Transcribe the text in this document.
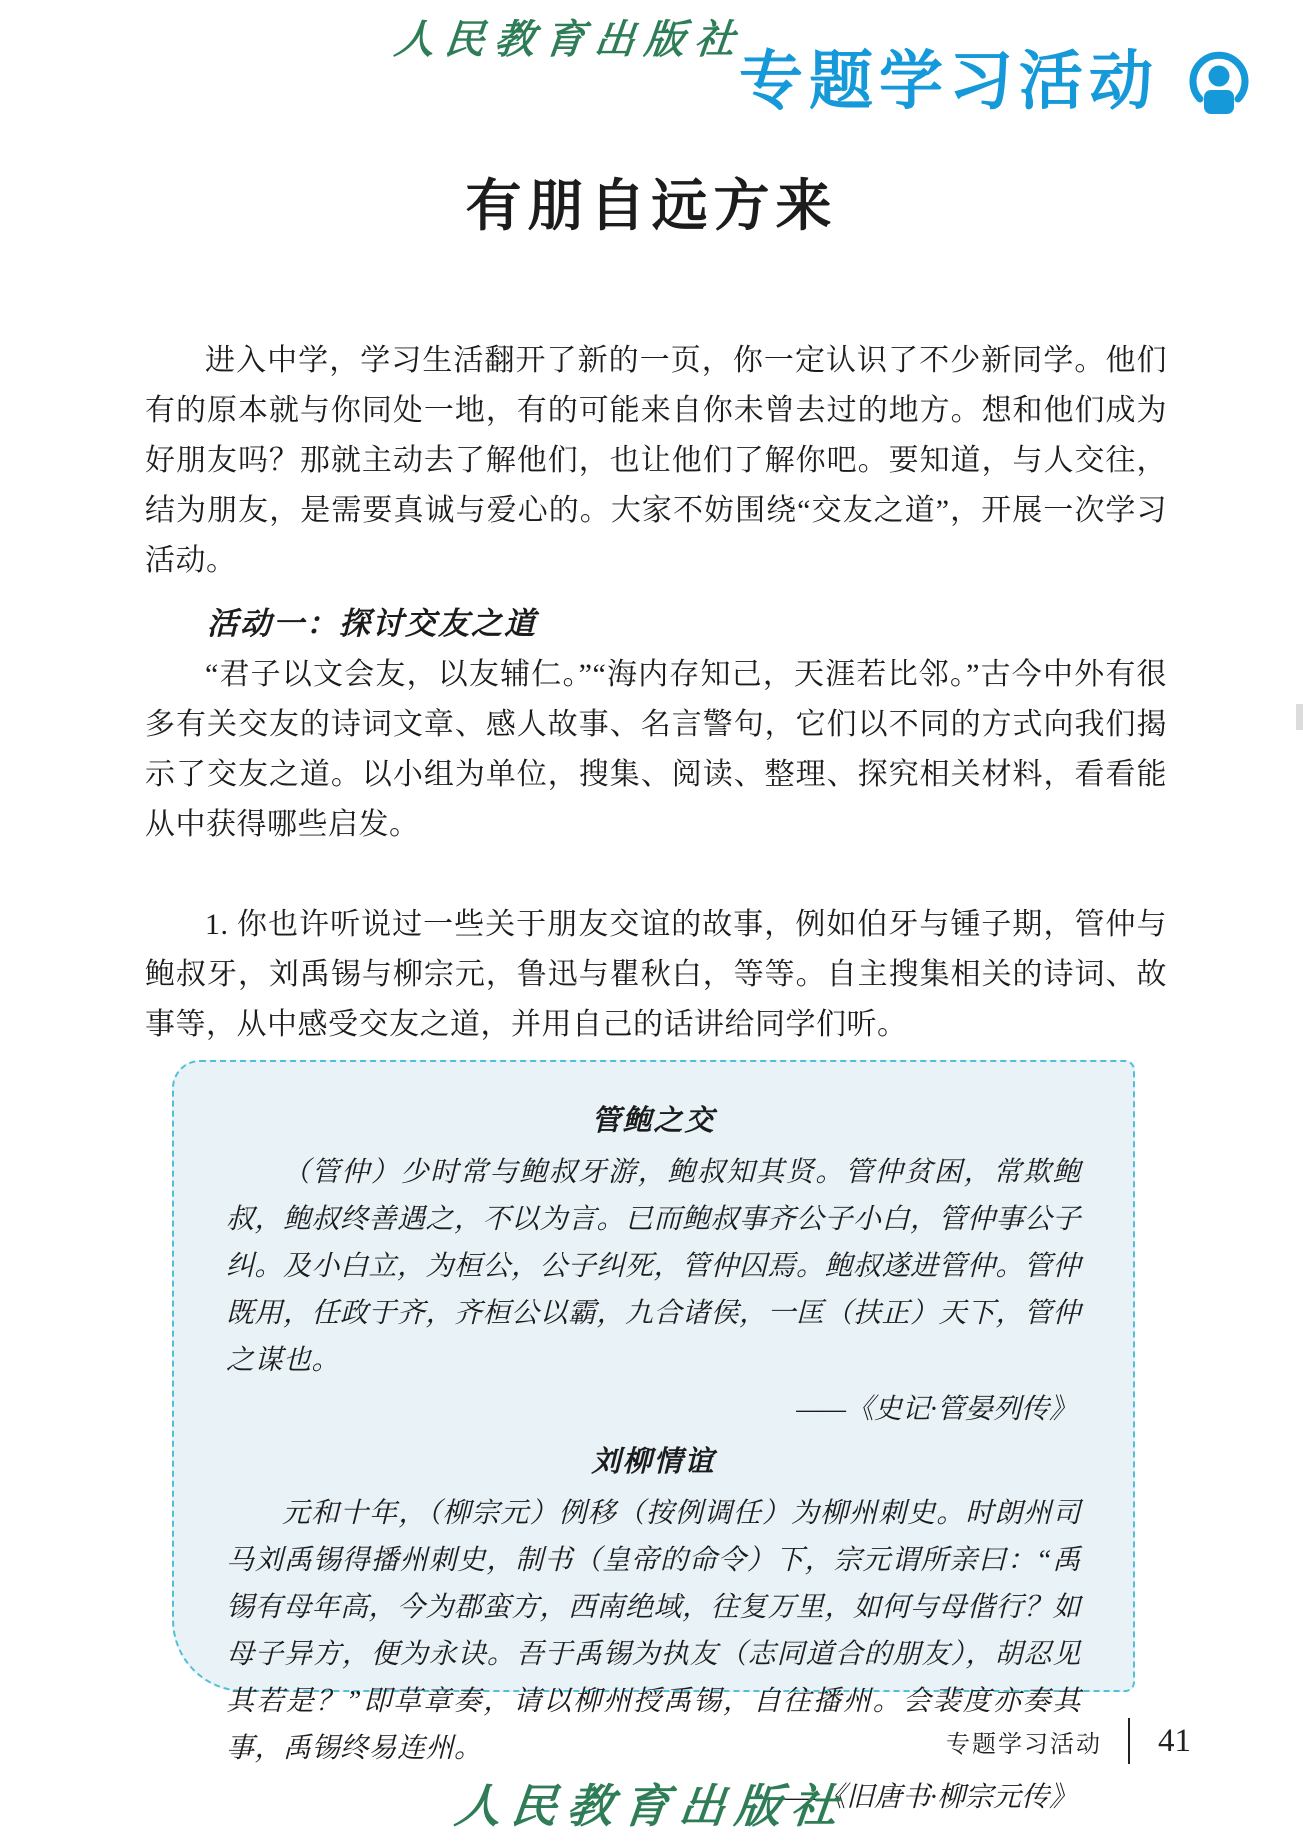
人民教育出版社
专题学习活动
有朋自远方来

进入中学，学习生活翻开了新的一页，你一定认识了不少新同学。他们有的原本就与你同处一地，有的可能来自你未曾去过的地方。想和他们成为好朋友吗？那就主动去了解他们，也让他们了解你吧。要知道，与人交往，结为朋友，是需要真诚与爱心的。大家不妨围绕“交友之道”，开展一次学习活动。

活动一：探讨交友之道

“君子以文会友，以友辅仁。”“海内存知己，天涯若比邻。”古今中外有很多有关交友的诗词文章、感人故事、名言警句，它们以不同的方式向我们揭示了交友之道。以小组为单位，搜集、阅读、整理、探究相关材料，看看能从中获得哪些启发。

1. 你也许听说过一些关于朋友交谊的故事，例如伯牙与锺子期，管仲与鲍叔牙，刘禹锡与柳宗元，鲁迅与瞿秋白，等等。自主搜集相关的诗词、故事等，从中感受交友之道，并用自己的话讲给同学们听。

管鲍之交

（管仲）少时常与鲍叔牙游，鲍叔知其贤。管仲贫困，常欺鲍叔，鲍叔终善遇之，不以为言。已而鲍叔事齐公子小白，管仲事公子纠。及小白立，为桓公，公子纠死，管仲囚焉。鲍叔遂进管仲。管仲既用，任政于齐，齐桓公以霸，九合诸侯，一匡（扶正）天下，管仲之谋也。

——《史记·管晏列传》
刘柳情谊

元和十年，（柳宗元）例移（按例调任）为柳州刺史。时朗州司马刘禹锡得播州刺史，制书（皇帝的命令）下，宗元谓所亲曰：“禹锡有母年高，今为郡蛮方，西南绝域，往复万里，如何与母偕行？如母子异方，便为永诀。吾于禹锡为执友（志同道合的朋友），胡忍见其若是？”即草章奏，请以柳州授禹锡，自往播州。会裴度亦奏其事，禹锡终易连州。

——《旧唐书·柳宗元传》
专题学习活动 41
人民教育出版社
